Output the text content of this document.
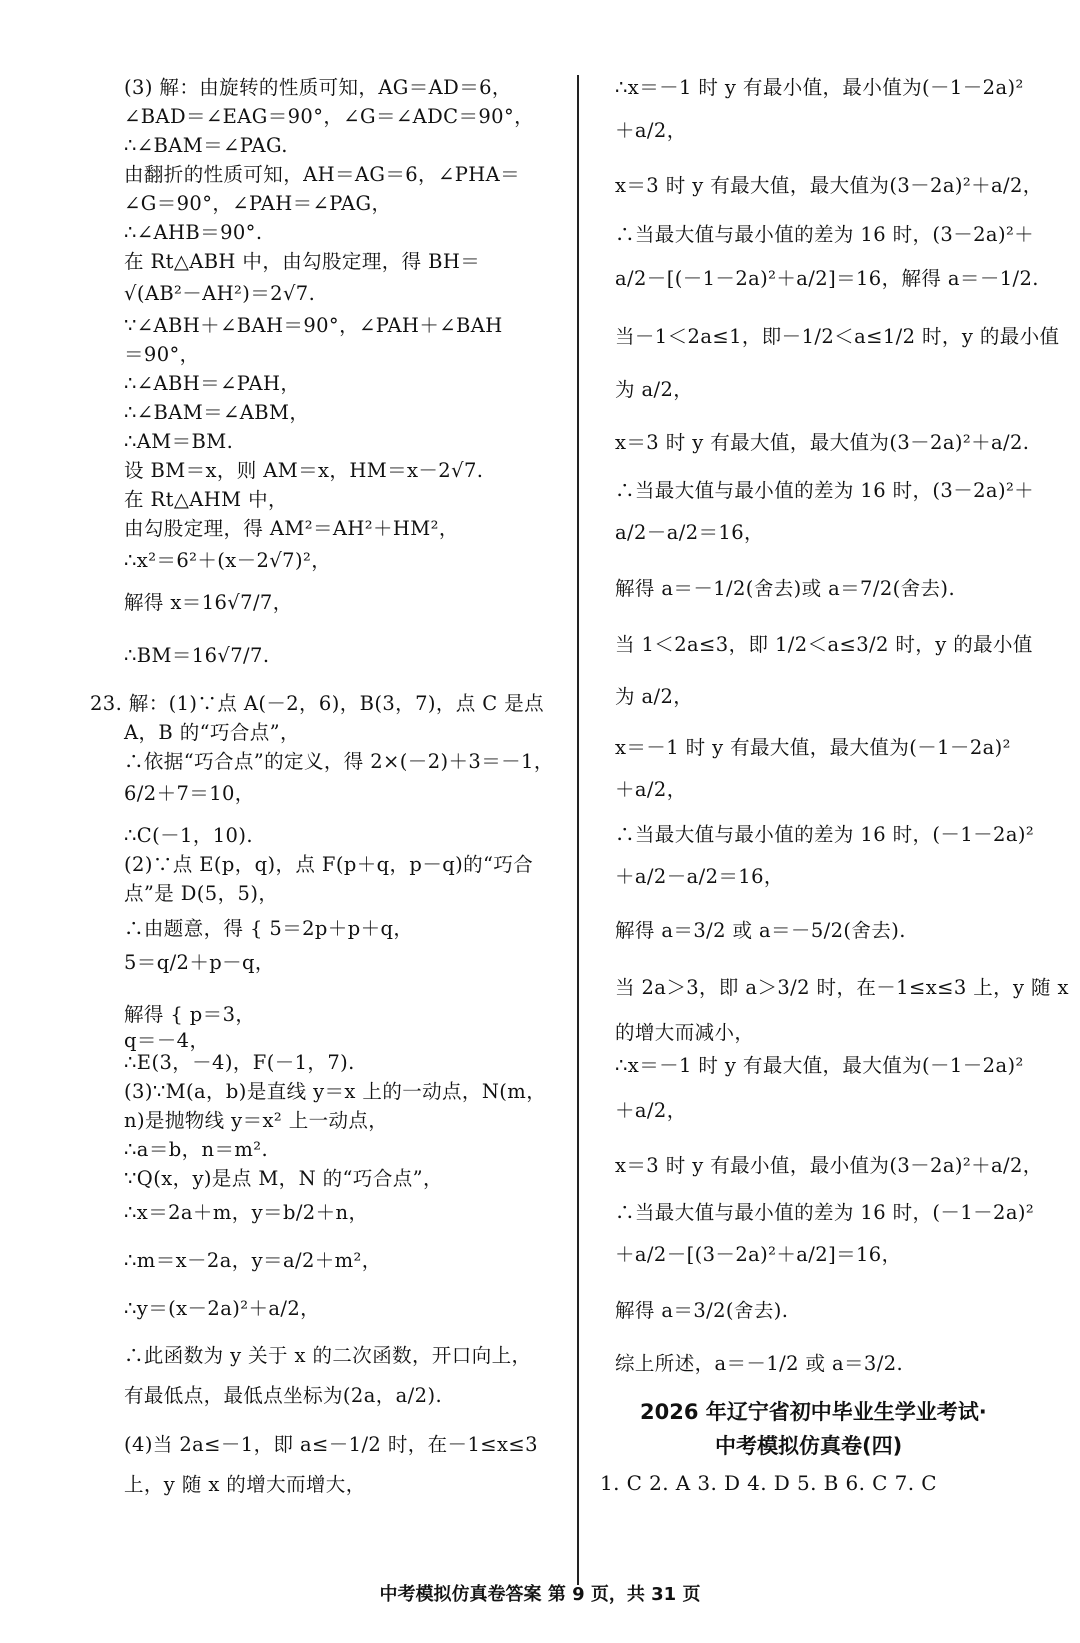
(3) 解：由旋转的性质可知，AG＝AD＝6，
∠BAD＝∠EAG＝90°，∠G＝∠ADC＝90°，
∴∠BAM＝∠PAG.
由翻折的性质可知，AH＝AG＝6，∠PHA＝
∠G＝90°，∠PAH＝∠PAG，
∴∠AHB＝90°.
在 Rt△ABH 中，由勾股定理，得 BH＝
√(AB²－AH²)＝2√7.
∵∠ABH＋∠BAH＝90°，∠PAH＋∠BAH
＝90°，
∴∠ABH＝∠PAH，
∴∠BAM＝∠ABM，
∴AM＝BM.
设 BM＝x，则 AM＝x，HM＝x－2√7.
在 Rt△AHM 中，
由勾股定理，得 AM²＝AH²＋HM²，
∴x²＝6²＋(x－2√7)²，
解得 x＝16√7/7，
∴BM＝16√7/7.
23. 解：(1)∵点 A(－2，6)，B(3，7)，点 C 是点
A，B 的“巧合点”，
∴依据“巧合点”的定义，得 2×(－2)＋3＝－1，
6/2＋7＝10，
∴C(－1，10).
(2)∵点 E(p，q)，点 F(p＋q，p－q)的“巧合
点”是 D(5，5)，
∴由题意，得 { 5＝2p＋p＋q，
5＝q/2＋p－q，
解得 { p＝3，
q＝－4，
∴E(3，－4)，F(－1，7).
(3)∵M(a，b)是直线 y＝x 上的一动点，N(m，
n)是抛物线 y＝x² 上一动点，
∴a＝b，n＝m².
∵Q(x，y)是点 M，N 的“巧合点”，
∴x＝2a＋m，y＝b/2＋n，
∴m＝x－2a，y＝a/2＋m²，
∴y＝(x－2a)²＋a/2，
∴此函数为 y 关于 x 的二次函数，开口向上，
有最低点，最低点坐标为(2a，a/2).
(4)当 2a≤－1，即 a≤－1/2 时，在－1≤x≤3
上，y 随 x 的增大而增大，
∴x＝－1 时 y 有最小值，最小值为(－1－2a)²
＋a/2，
x＝3 时 y 有最大值，最大值为(3－2a)²＋a/2，
∴当最大值与最小值的差为 16 时，(3－2a)²＋
a/2－[(－1－2a)²＋a/2]＝16，解得 a＝－1/2.
当－1＜2a≤1，即－1/2＜a≤1/2 时，y 的最小值
为 a/2，
x＝3 时 y 有最大值，最大值为(3－2a)²＋a/2.
∴当最大值与最小值的差为 16 时，(3－2a)²＋
a/2－a/2＝16，
解得 a＝－1/2(舍去)或 a＝7/2(舍去).
当 1＜2a≤3，即 1/2＜a≤3/2 时，y 的最小值
为 a/2，
x＝－1 时 y 有最大值，最大值为(－1－2a)²
＋a/2，
∴当最大值与最小值的差为 16 时，(－1－2a)²
＋a/2－a/2＝16，
解得 a＝3/2 或 a＝－5/2(舍去).
当 2a＞3，即 a＞3/2 时，在－1≤x≤3 上，y 随 x
的增大而减小，
∴x＝－1 时 y 有最大值，最大值为(－1－2a)²
＋a/2，
x＝3 时 y 有最小值，最小值为(3－2a)²＋a/2，
∴当最大值与最小值的差为 16 时，(－1－2a)²
＋a/2－[(3－2a)²＋a/2]＝16，
解得 a＝3/2(舍去).
综上所述，a＝－1/2 或 a＝3/2.
2026 年辽宁省初中毕业生学业考试·
中考模拟仿真卷(四)
1. C 2. A 3. D 4. D 5. B 6. C 7. C
中考模拟仿真卷答案 第 9 页，共 31 页
